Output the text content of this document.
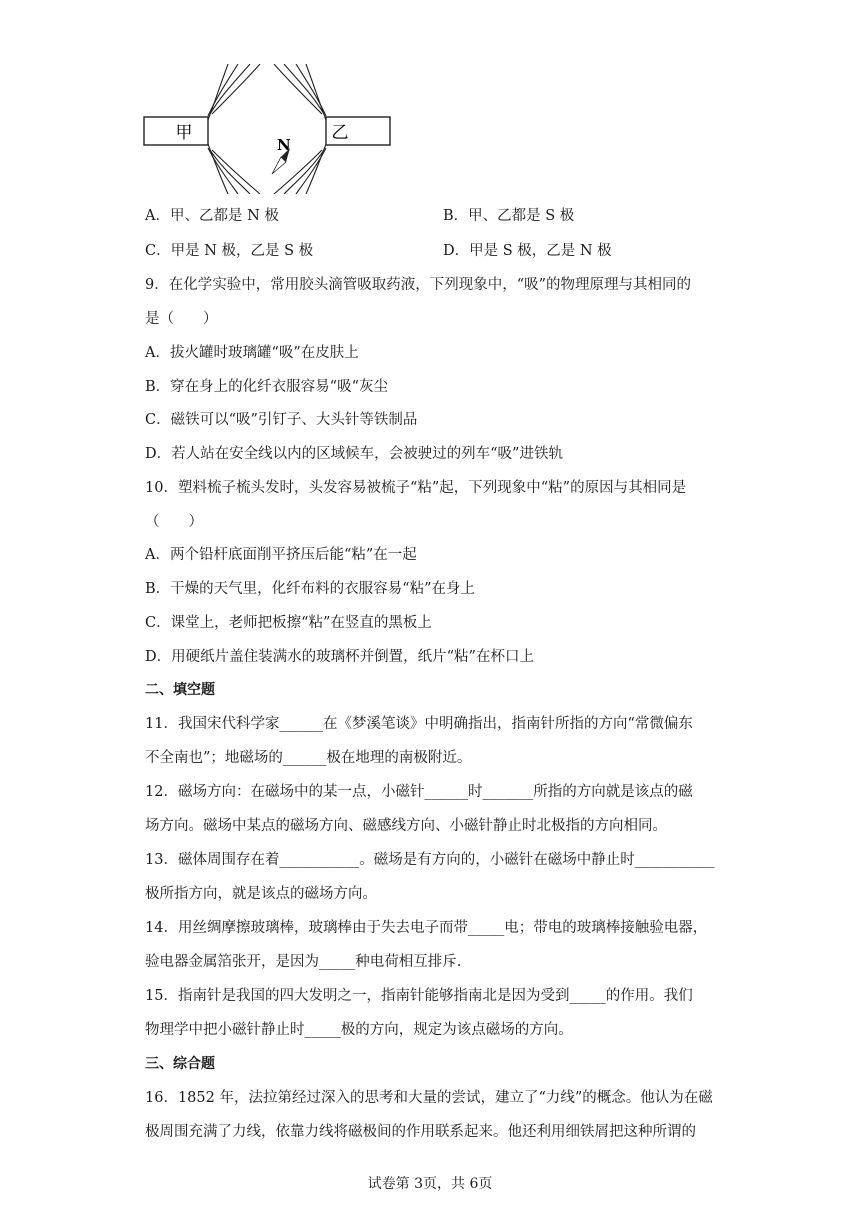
甲	乙
N
A．甲、乙都是 N 极	B．甲、乙都是 S 极
C．甲是 N 极，乙是 S 极	D．甲是 S 极，乙是 N 极
9．在化学实验中，常用胶头滴管吸取药液，下列现象中，“吸”的物理原理与其相同的
是（　　）
A．拔火罐时玻璃罐“吸”在皮肤上
B．穿在身上的化纤衣服容易“吸“灰尘
C．磁铁可以“吸”引钉子、大头针等铁制品
D．若人站在安全线以内的区域候车，会被驶过的列车“吸”进铁轨
10．塑料梳子梳头发时，头发容易被梳子“粘”起，下列现象中“粘”的原因与其相同是
（　　）
A．两个铅杆底面削平挤压后能“粘”在一起
B．干燥的天气里，化纤布料的衣服容易“粘”在身上
C．课堂上，老师把板擦“粘”在竖直的黑板上
D．用硬纸片盖住装满水的玻璃杯并倒置，纸片“粘”在杯口上
二、填空题
11．我国宋代科学家______在《梦溪笔谈》中明确指出，指南针所指的方向“常微偏东
不全南也”；地磁场的______极在地理的南极附近。
12．磁场方向：在磁场中的某一点，小磁针______时_______所指的方向就是该点的磁
场方向。磁场中某点的磁场方向、磁感线方向、小磁针静止时北极指的方向相同。
13．磁体周围存在着___________。磁场是有方向的，小磁针在磁场中静止时___________
极所指方向，就是该点的磁场方向。
14．用丝绸摩擦玻璃棒，玻璃棒由于失去电子而带_____电；带电的玻璃棒接触验电器，
验电器金属箔张开，是因为_____种电荷相互排斥.
15．指南针是我国的四大发明之一，指南针能够指南北是因为受到_____的作用。我们
物理学中把小磁针静止时_____极的方向，规定为该点磁场的方向。
三、综合题
16．1852 年，法拉第经过深入的思考和大量的尝试，建立了“力线”的概念。他认为在磁
极周围充满了力线，依靠力线将磁极间的作用联系起来。他还利用细铁屑把这种所谓的
试卷第 3页，共 6页
